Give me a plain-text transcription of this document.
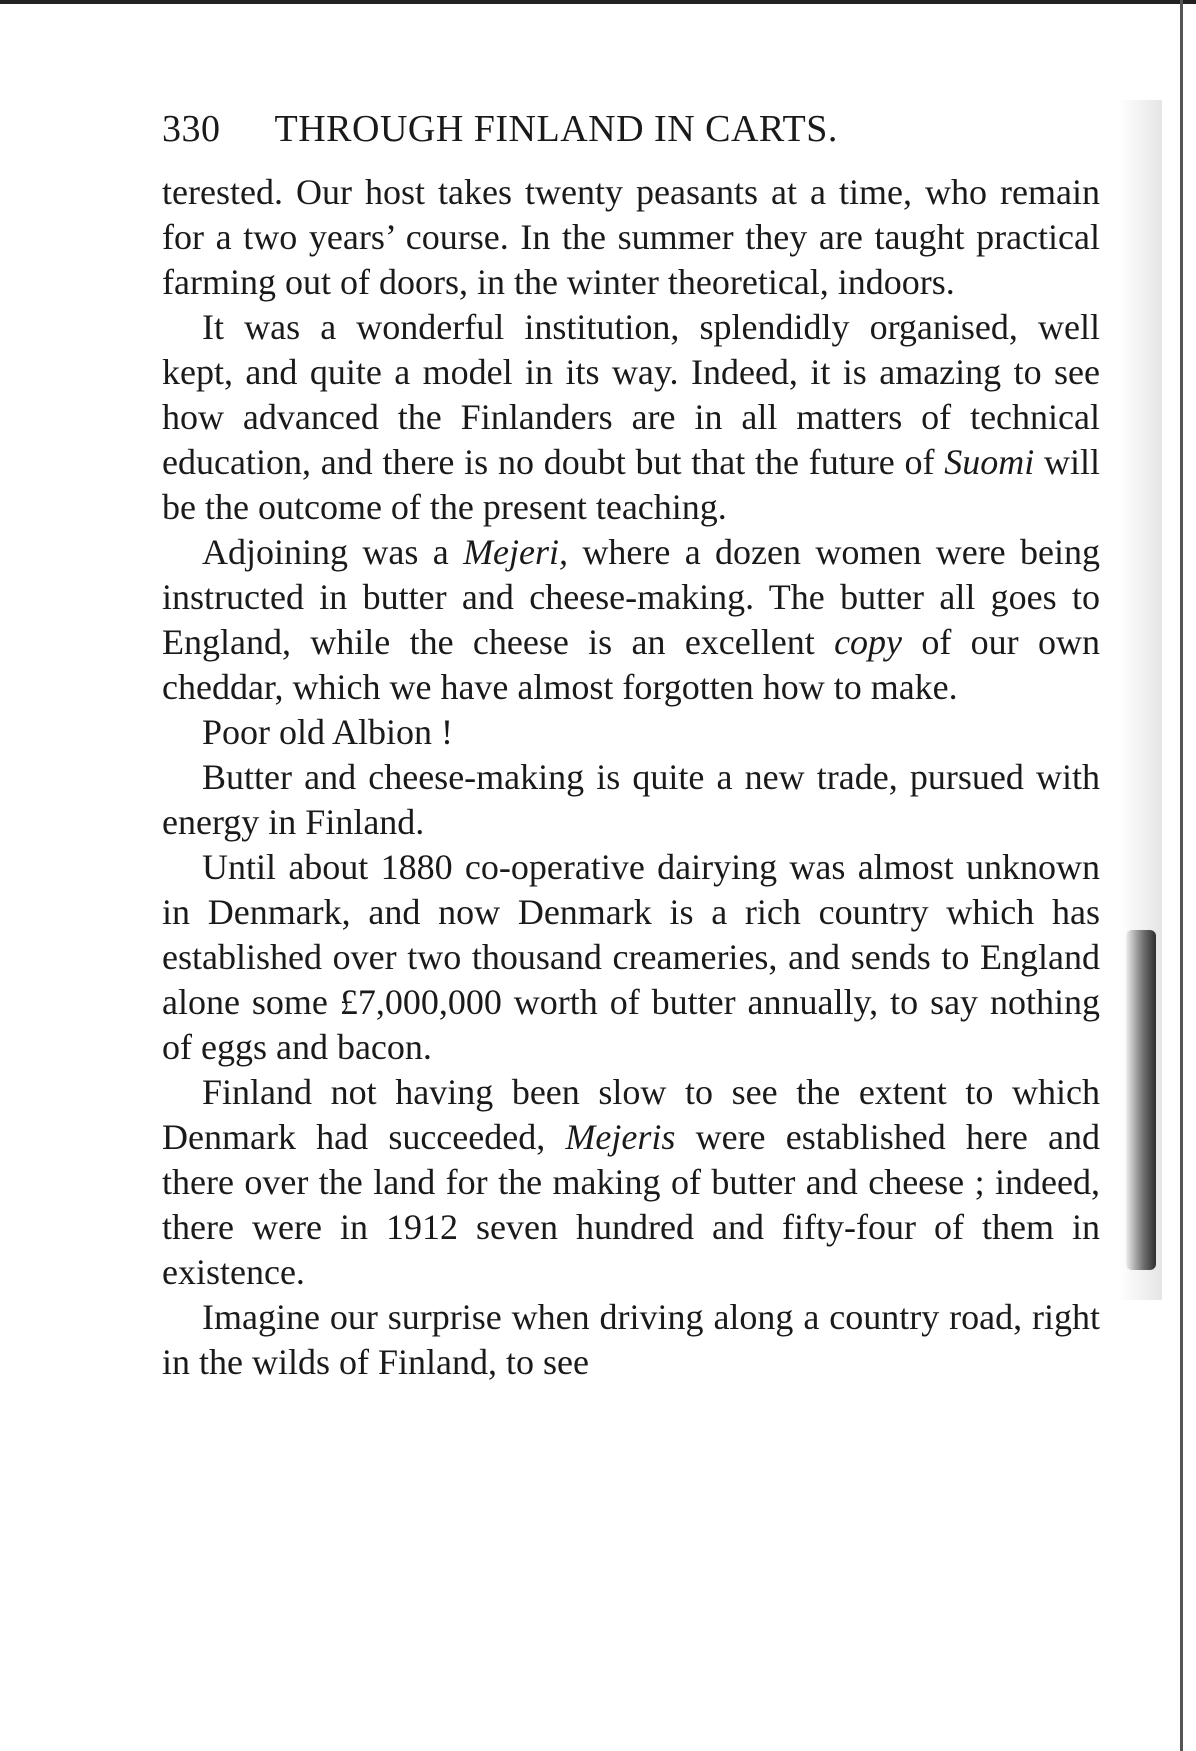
330 THROUGH FINLAND IN CARTS.

terested. Our host takes twenty peasants at a time, who remain for a two years’ course. In the summer they are taught practical farming out of doors, in the winter theoretical, indoors.

It was a wonderful institution, splendidly organised, well kept, and quite a model in its way. Indeed, it is amazing to see how advanced the Finlanders are in all matters of technical education, and there is no doubt but that the future of Suomi will be the outcome of the present teaching.

Adjoining was a Mejeri, where a dozen women were being instructed in butter and cheese-making. The butter all goes to England, while the cheese is an excellent copy of our own cheddar, which we have almost forgotten how to make.

Poor old Albion !

Butter and cheese-making is quite a new trade, pursued with energy in Finland.

Until about 1880 co-operative dairying was almost unknown in Denmark, and now Denmark is a rich country which has established over two thousand creameries, and sends to England alone some £7,000,000 worth of butter annually, to say nothing of eggs and bacon.

Finland not having been slow to see the extent to which Denmark had succeeded, Mejeris were established here and there over the land for the making of butter and cheese ; indeed, there were in 1912 seven hundred and fifty-four of them in existence.

Imagine our surprise when driving along a country road, right in the wilds of Finland, to see
